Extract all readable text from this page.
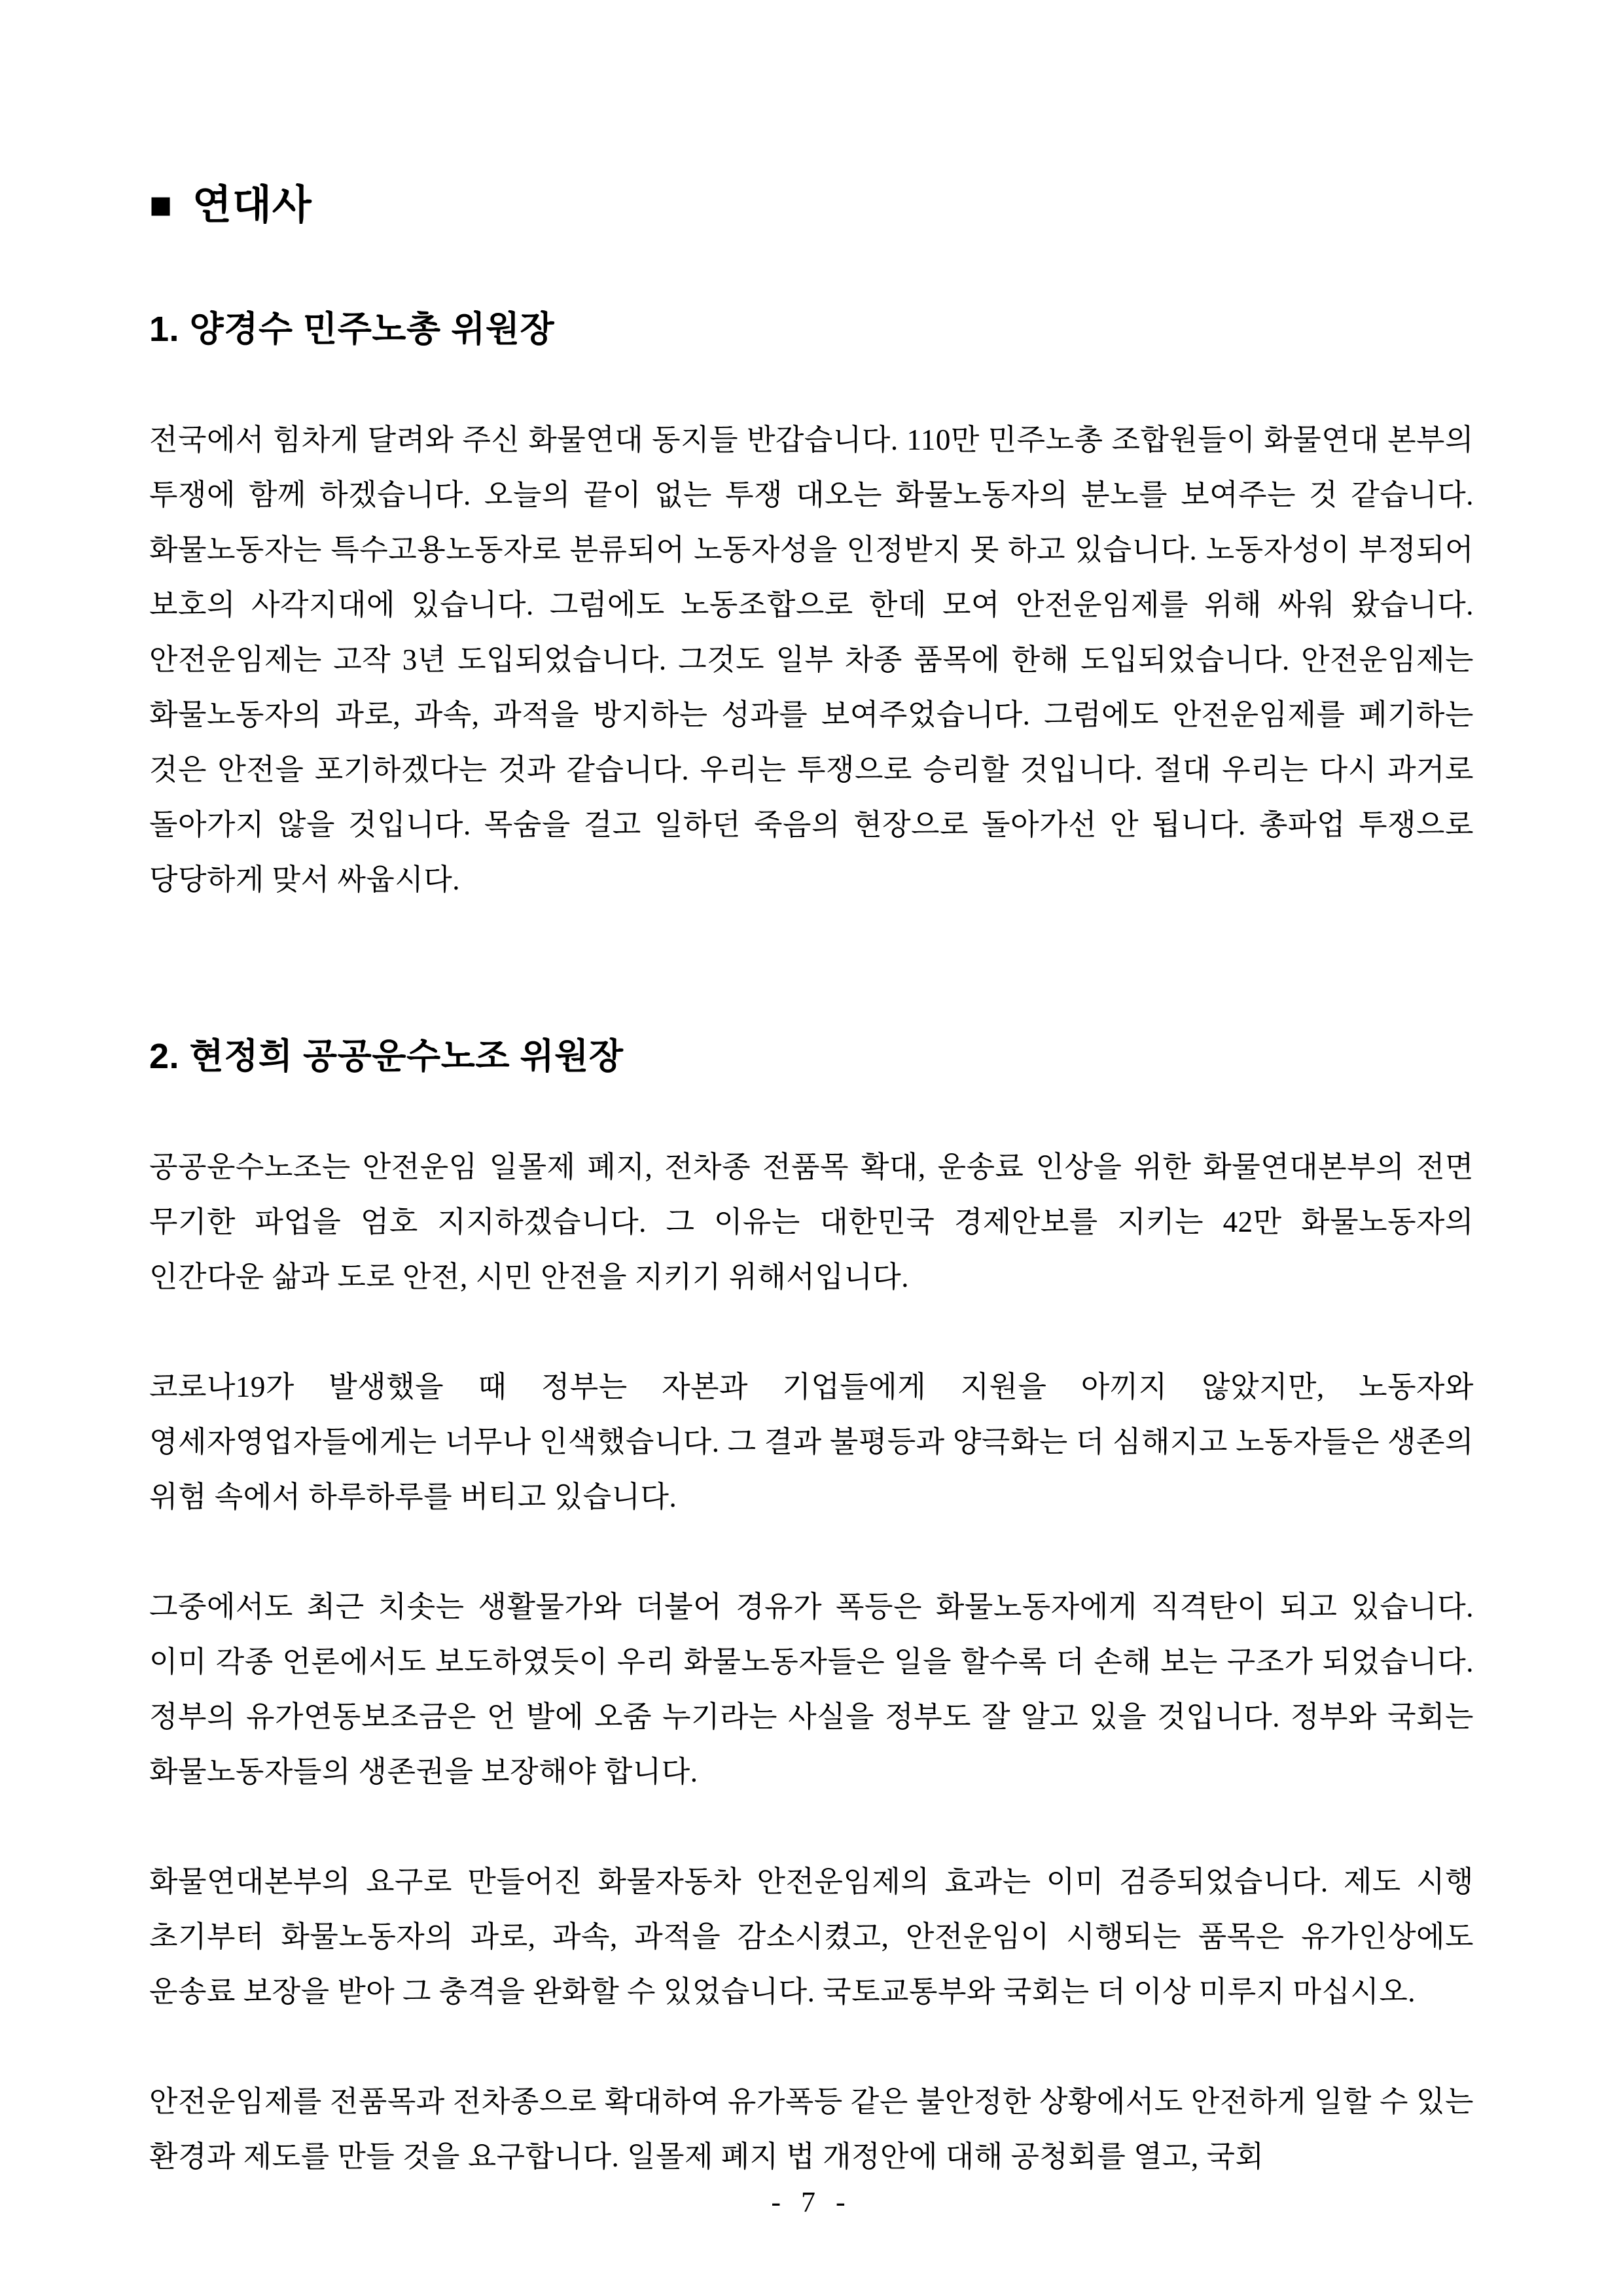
■ 연대사
1. 양경수 민주노총 위원장

전국에서 힘차게 달려와 주신 화물연대 동지들 반갑습니다. 110만 민주노총 조합원들이 화물연대 본부의 투쟁에 함께 하겠습니다. 오늘의 끝이 없는 투쟁 대오는 화물노동자의 분노를 보여주는 것 같습니다. 화물노동자는 특수고용노동자로 분류되어 노동자성을 인정받지 못 하고 있습니다. 노동자성이 부정되어 보호의 사각지대에 있습니다. 그럼에도 노동조합으로 한데 모여 안전운임제를 위해 싸워 왔습니다. 안전운임제는 고작 3년 도입되었습니다. 그것도 일부 차종 품목에 한해 도입되었습니다. 안전운임제는 화물노동자의 과로, 과속, 과적을 방지하는 성과를 보여주었습니다. 그럼에도 안전운임제를 폐기하는 것은 안전을 포기하겠다는 것과 같습니다. 우리는 투쟁으로 승리할 것입니다. 절대 우리는 다시 과거로 돌아가지 않을 것입니다. 목숨을 걸고 일하던 죽음의 현장으로 돌아가선 안 됩니다. 총파업 투쟁으로 당당하게 맞서 싸웁시다.

2. 현정희 공공운수노조 위원장

공공운수노조는 안전운임 일몰제 폐지, 전차종 전품목 확대, 운송료 인상을 위한 화물연대본부의 전면 무기한 파업을 엄호 지지하겠습니다. 그 이유는 대한민국 경제안보를 지키는 42만 화물노동자의 인간다운 삶과 도로 안전, 시민 안전을 지키기 위해서입니다.

코로나19가 발생했을 때 정부는 자본과 기업들에게 지원을 아끼지 않았지만, 노동자와 영세자영업자들에게는 너무나 인색했습니다. 그 결과 불평등과 양극화는 더 심해지고 노동자들은 생존의 위험 속에서 하루하루를 버티고 있습니다.

그중에서도 최근 치솟는 생활물가와 더불어 경유가 폭등은 화물노동자에게 직격탄이 되고 있습니다. 이미 각종 언론에서도 보도하였듯이 우리 화물노동자들은 일을 할수록 더 손해 보는 구조가 되었습니다. 정부의 유가연동보조금은 언 발에 오줌 누기라는 사실을 정부도 잘 알고 있을 것입니다. 정부와 국회는 화물노동자들의 생존권을 보장해야 합니다.

화물연대본부의 요구로 만들어진 화물자동차 안전운임제의 효과는 이미 검증되었습니다. 제도 시행 초기부터 화물노동자의 과로, 과속, 과적을 감소시켰고, 안전운임이 시행되는 품목은 유가인상에도 운송료 보장을 받아 그 충격을 완화할 수 있었습니다. 국토교통부와 국회는 더 이상 미루지 마십시오.

안전운임제를 전품목과 전차종으로 확대하여 유가폭등 같은 불안정한 상황에서도 안전하게 일할 수 있는 환경과 제도를 만들 것을 요구합니다. 일몰제 폐지 법 개정안에 대해 공청회를 열고, 국회

- 7 -
